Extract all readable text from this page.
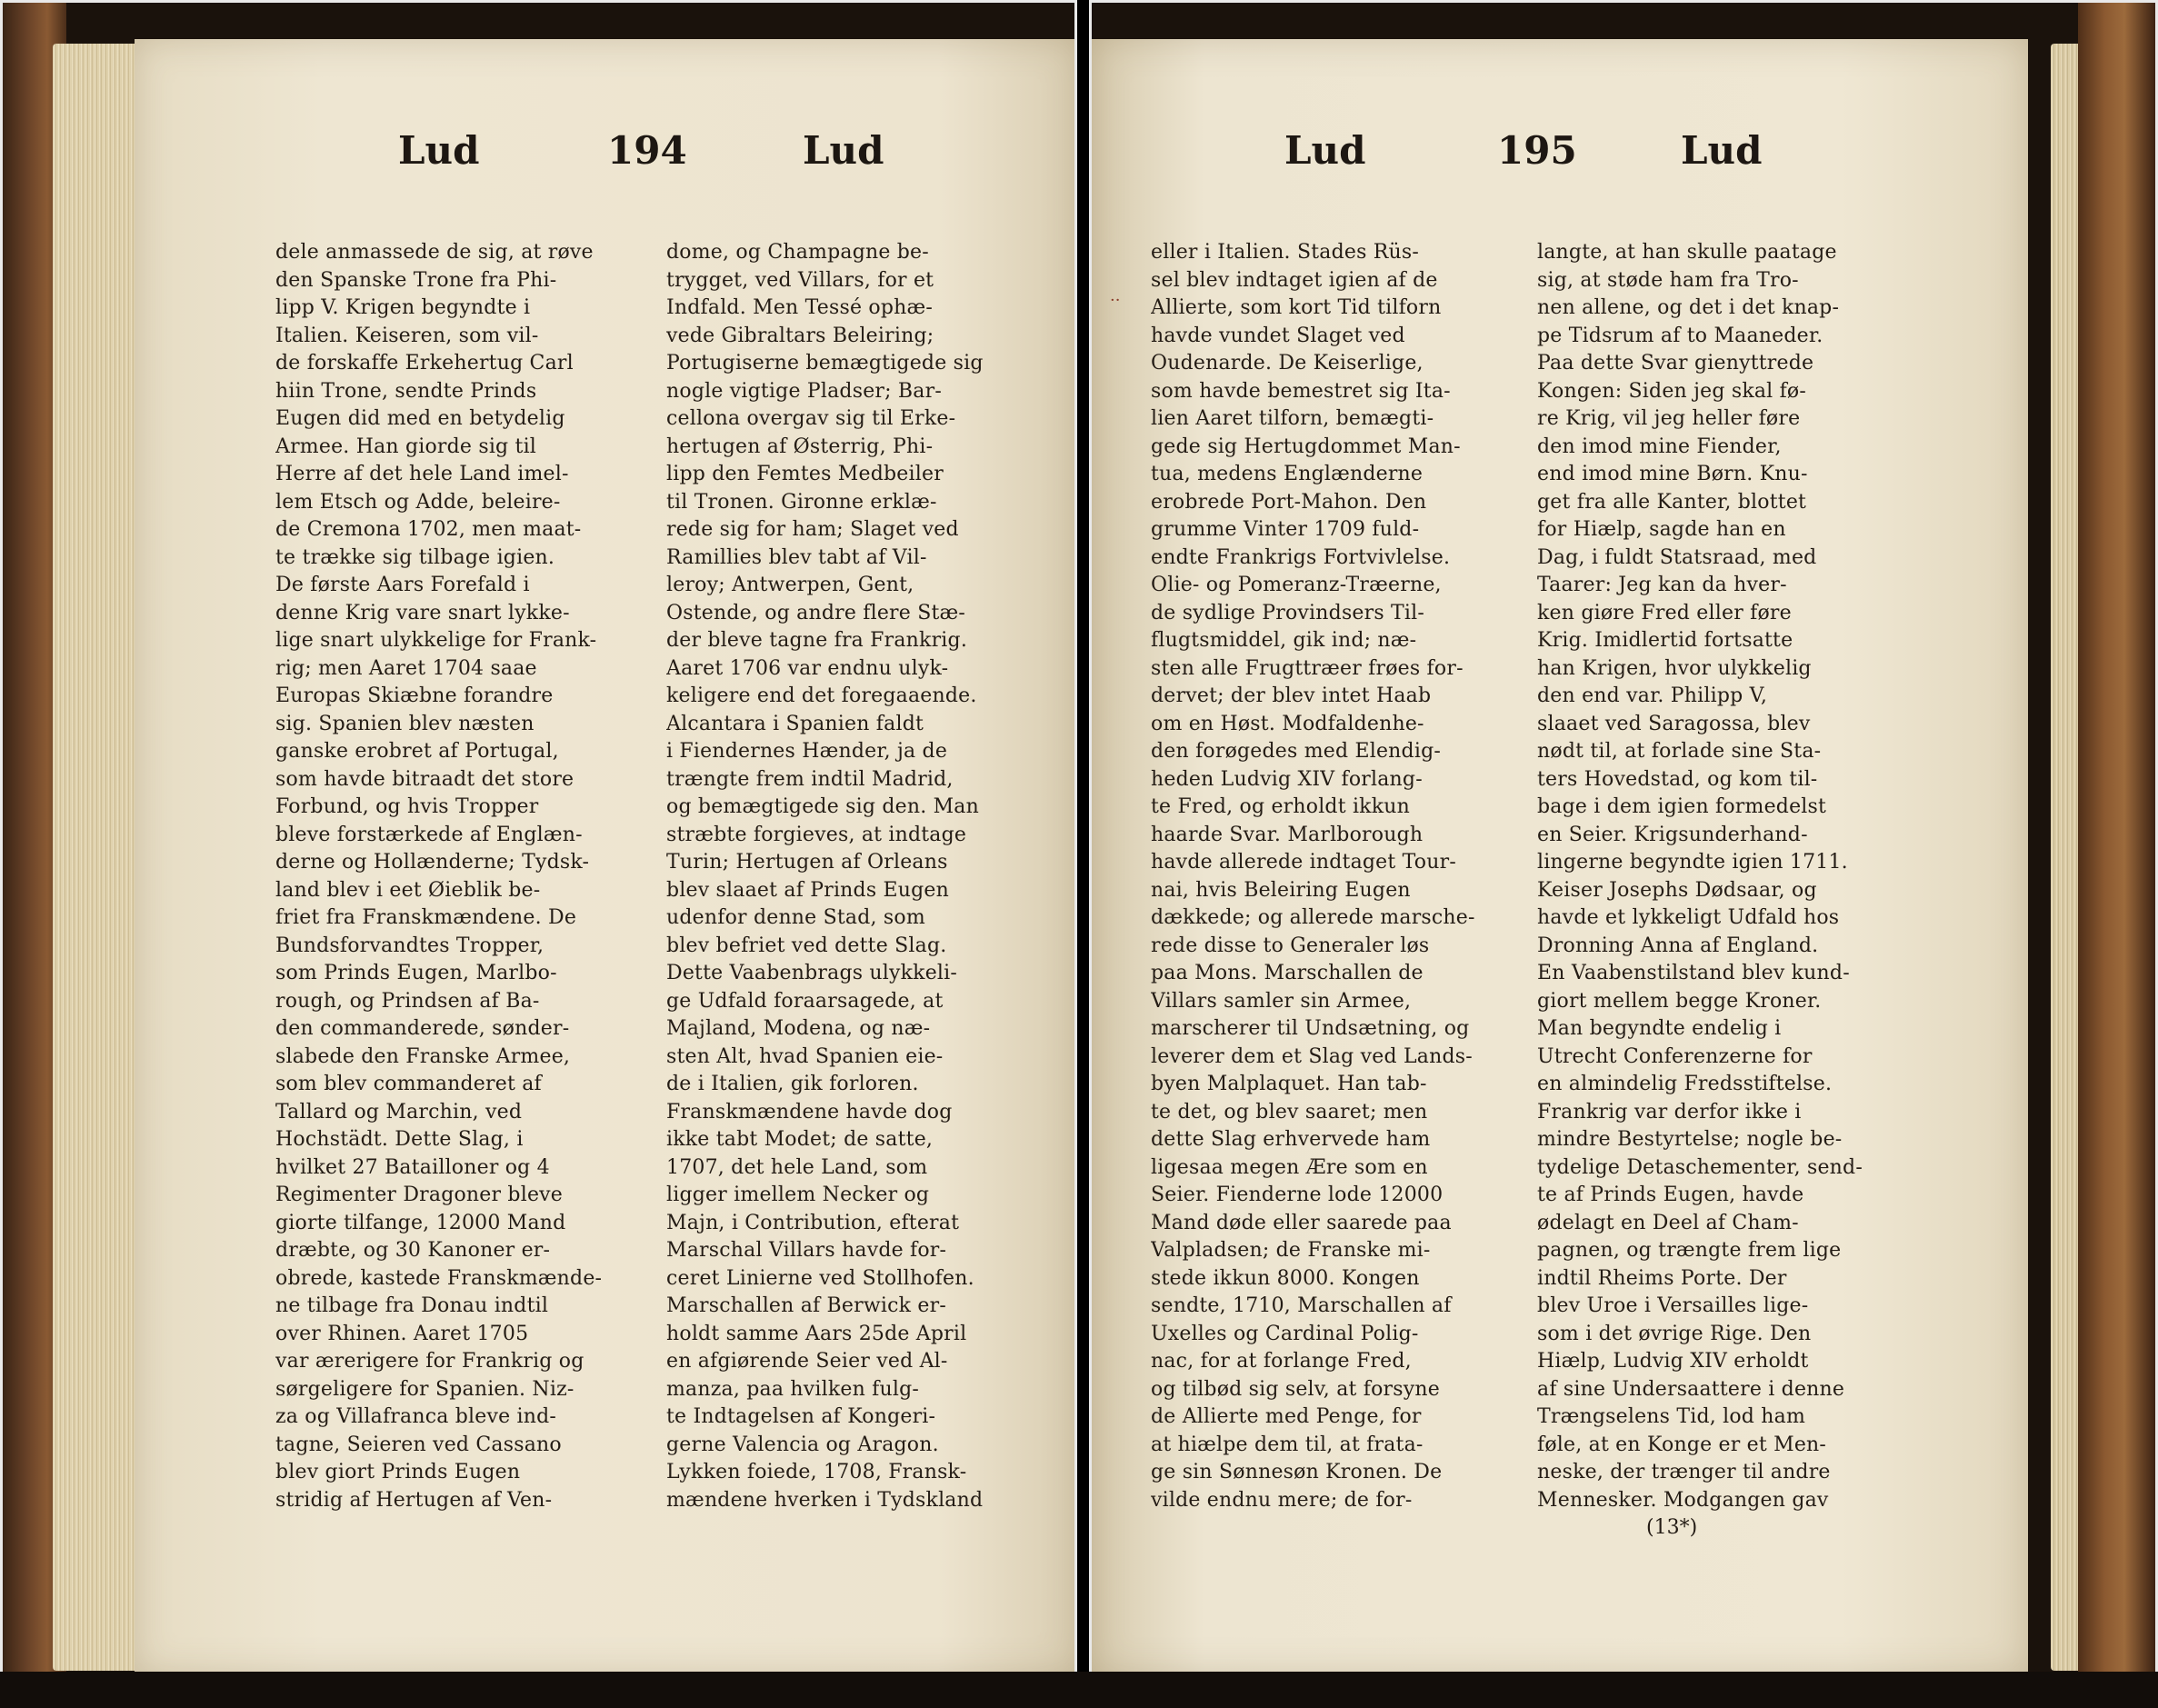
Lud	194	Lud
dele anmassede de sig, at røve
den Spanske Trone fra Phi-
lipp V. Krigen begyndte i
Italien. Keiseren, som vil-
de forskaffe Erkehertug Carl
hiin Trone, sendte Prinds
Eugen did med en betydelig
Armee. Han giorde sig til
Herre af det hele Land imel-
lem Etsch og Adde, beleire-
de Cremona 1702, men maat-
te trække sig tilbage igien.
De første Aars Forefald i
denne Krig vare snart lykke-
lige snart ulykkelige for Frank-
rig; men Aaret 1704 saae
Europas Skiæbne forandre
sig. Spanien blev næsten
ganske erobret af Portugal,
som havde bitraadt det store
Forbund, og hvis Tropper
bleve forstærkede af Englæn-
derne og Hollænderne; Tydsk-
land blev i eet Øieblik be-
friet fra Franskmændene. De
Bundsforvandtes Tropper,
som Prinds Eugen, Marlbo-
rough, og Prindsen af Ba-
den commanderede, sønder-
slabede den Franske Armee,
som blev commanderet af
Tallard og Marchin, ved
Hochstädt. Dette Slag, i
hvilket 27 Batailloner og 4
Regimenter Dragoner bleve
giorte tilfange, 12000 Mand
dræbte, og 30 Kanoner er-
obrede, kastede Franskmænde-
ne tilbage fra Donau indtil
over Rhinen. Aaret 1705
var ærerigere for Frankrig og
sørgeligere for Spanien. Niz-
za og Villafranca bleve ind-
tagne, Seieren ved Cassano
blev giort Prinds Eugen
stridig af Hertugen af Ven-
dome, og Champagne be-
trygget, ved Villars, for et
Indfald. Men Tessé ophæ-
vede Gibraltars Beleiring;
Portugiserne bemægtigede sig
nogle vigtige Pladser; Bar-
cellona overgav sig til Erke-
hertugen af Østerrig, Phi-
lipp den Femtes Medbeiler
til Tronen. Gironne erklæ-
rede sig for ham; Slaget ved
Ramillies blev tabt af Vil-
leroy; Antwerpen, Gent,
Ostende, og andre flere Stæ-
der bleve tagne fra Frankrig.
Aaret 1706 var endnu ulyk-
keligere end det foregaaende.
Alcantara i Spanien faldt
i Fiendernes Hænder, ja de
trængte frem indtil Madrid,
og bemægtigede sig den. Man
stræbte forgieves, at indtage
Turin; Hertugen af Orleans
blev slaaet af Prinds Eugen
udenfor denne Stad, som
blev befriet ved dette Slag.
Dette Vaabenbrags ulykkeli-
ge Udfald foraarsagede, at
Majland, Modena, og næ-
sten Alt, hvad Spanien eie-
de i Italien, gik forloren.
Franskmændene havde dog
ikke tabt Modet; de satte,
1707, det hele Land, som
ligger imellem Necker og
Majn, i Contribution, efterat
Marschal Villars havde for-
ceret Linierne ved Stollhofen.
Marschallen af Berwick er-
holdt samme Aars 25de April
en afgiørende Seier ved Al-
manza, paa hvilken fulg-
te Indtagelsen af Kongeri-
gerne Valencia og Aragon.
Lykken foiede, 1708, Fransk-
mændene hverken i Tydskland
··
Lud	195	Lud
eller i Italien. Stades Rüs-
sel blev indtaget igien af de
Allierte, som kort Tid tilforn
havde vundet Slaget ved
Oudenarde. De Keiserlige,
som havde bemestret sig Ita-
lien Aaret tilforn, bemægti-
gede sig Hertugdommet Man-
tua, medens Englænderne
erobrede Port-Mahon. Den
grumme Vinter 1709 fuld-
endte Frankrigs Fortvivlelse.
Olie- og Pomeranz-Træerne,
de sydlige Provindsers Til-
flugtsmiddel, gik ind; næ-
sten alle Frugttræer frøes for-
dervet; der blev intet Haab
om en Høst. Modfaldenhe-
den forøgedes med Elendig-
heden Ludvig XIV forlang-
te Fred, og erholdt ikkun
haarde Svar. Marlborough
havde allerede indtaget Tour-
nai, hvis Beleiring Eugen
dækkede; og allerede marsche-
rede disse to Generaler løs
paa Mons. Marschallen de
Villars samler sin Armee,
marscherer til Undsætning, og
leverer dem et Slag ved Lands-
byen Malplaquet. Han tab-
te det, og blev saaret; men
dette Slag erhvervede ham
ligesaa megen Ære som en
Seier. Fienderne lode 12000
Mand døde eller saarede paa
Valpladsen; de Franske mi-
stede ikkun 8000. Kongen
sendte, 1710, Marschallen af
Uxelles og Cardinal Polig-
nac, for at forlange Fred,
og tilbød sig selv, at forsyne
de Allierte med Penge, for
at hiælpe dem til, at frata-
ge sin Sønnesøn Kronen. De
vilde endnu mere; de for-
langte, at han skulle paatage
sig, at støde ham fra Tro-
nen allene, og det i det knap-
pe Tidsrum af to Maaneder.
Paa dette Svar gienyttrede
Kongen: Siden jeg skal fø-
re Krig, vil jeg heller føre
den imod mine Fiender,
end imod mine Børn. Knu-
get fra alle Kanter, blottet
for Hiælp, sagde han en
Dag, i fuldt Statsraad, med
Taarer: Jeg kan da hver-
ken giøre Fred eller føre
Krig. Imidlertid fortsatte
han Krigen, hvor ulykkelig
den end var. Philipp V,
slaaet ved Saragossa, blev
nødt til, at forlade sine Sta-
ters Hovedstad, og kom til-
bage i dem igien formedelst
en Seier. Krigsunderhand-
lingerne begyndte igien 1711.
Keiser Josephs Dødsaar, og
havde et lykkeligt Udfald hos
Dronning Anna af England.
En Vaabenstilstand blev kund-
giort mellem begge Kroner.
Man begyndte endelig i
Utrecht Conferenzerne for
en almindelig Fredsstiftelse.
Frankrig var derfor ikke i
mindre Bestyrtelse; nogle be-
tydelige Detaschementer, send-
te af Prinds Eugen, havde
ødelagt en Deel af Cham-
pagnen, og trængte frem lige
indtil Rheims Porte. Der
blev Uroe i Versailles lige-
som i det øvrige Rige. Den
Hiælp, Ludvig XIV erholdt
af sine Undersaattere i denne
Trængselens Tid, lod ham
føle, at en Konge er et Men-
neske, der trænger til andre
Mennesker. Modgangen gav
(13*)
